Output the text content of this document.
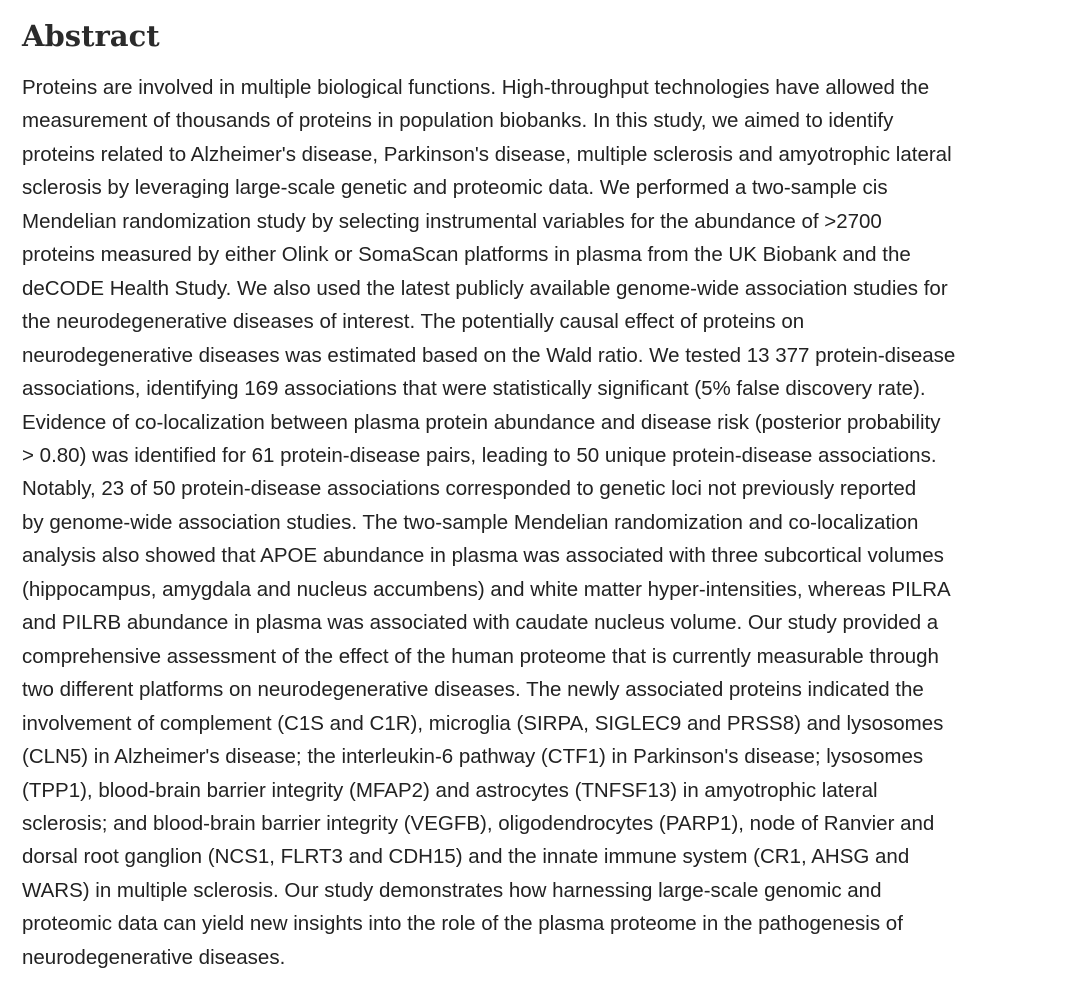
Abstract

Proteins are involved in multiple biological functions. High-throughput technologies have allowed the
measurement of thousands of proteins in population biobanks. In this study, we aimed to identify
proteins related to Alzheimer's disease, Parkinson's disease, multiple sclerosis and amyotrophic lateral
sclerosis by leveraging large-scale genetic and proteomic data. We performed a two-sample cis
Mendelian randomization study by selecting instrumental variables for the abundance of >2700
proteins measured by either Olink or SomaScan platforms in plasma from the UK Biobank and the
deCODE Health Study. We also used the latest publicly available genome-wide association studies for
the neurodegenerative diseases of interest. The potentially causal effect of proteins on
neurodegenerative diseases was estimated based on the Wald ratio. We tested 13 377 protein-disease
associations, identifying 169 associations that were statistically significant (5% false discovery rate).
Evidence of co-localization between plasma protein abundance and disease risk (posterior probability
> 0.80) was identified for 61 protein-disease pairs, leading to 50 unique protein-disease associations.
Notably, 23 of 50 protein-disease associations corresponded to genetic loci not previously reported
by genome-wide association studies. The two-sample Mendelian randomization and co-localization
analysis also showed that APOE abundance in plasma was associated with three subcortical volumes
(hippocampus, amygdala and nucleus accumbens) and white matter hyper-intensities, whereas PILRA
and PILRB abundance in plasma was associated with caudate nucleus volume. Our study provided a
comprehensive assessment of the effect of the human proteome that is currently measurable through
two different platforms on neurodegenerative diseases. The newly associated proteins indicated the
involvement of complement (C1S and C1R), microglia (SIRPA, SIGLEC9 and PRSS8) and lysosomes
(CLN5) in Alzheimer's disease; the interleukin-6 pathway (CTF1) in Parkinson's disease; lysosomes
(TPP1), blood-brain barrier integrity (MFAP2) and astrocytes (TNFSF13) in amyotrophic lateral
sclerosis; and blood-brain barrier integrity (VEGFB), oligodendrocytes (PARP1), node of Ranvier and
dorsal root ganglion (NCS1, FLRT3 and CDH15) and the innate immune system (CR1, AHSG and
WARS) in multiple sclerosis. Our study demonstrates how harnessing large-scale genomic and
proteomic data can yield new insights into the role of the plasma proteome in the pathogenesis of
neurodegenerative diseases.
